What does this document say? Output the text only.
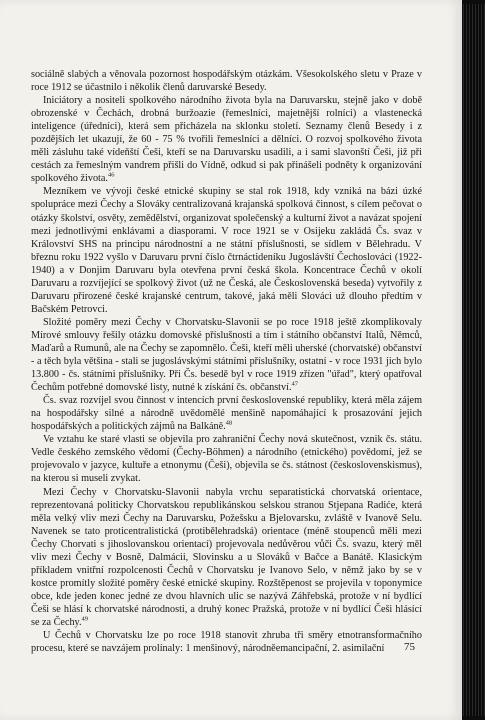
sociálně slabých a věnovala pozornost hospodářským otázkám. Všesokolského sletu v Praze v roce 1912 se účastnilo i několik členů daruvarské Besedy.

Iniciátory a nositeli spolkového národního života byla na Daruvarsku, stejně jako v době obrozenské v Čechách, drobná buržoazie (řemeslníci, majetnější rolníci) a vlastenecká inteligence (úředníci), která sem přicházela na sklonku století. Seznamy členů Besedy i z pozdějších let ukazují, že 60 - 75 % tvořili řemeslníci a dělníci. O rozvoj spolkového života měli zásluhu také vídeňští Češi, kteří se na Daruvarsku usadili, a i sami slavonští Češi, již při cestách za řemeslným vandrem přišli do Vídně, odkud si pak přinášeli podněty k organizování spolkového života.$^{46}$

Mezníkem ve vývoji české etnické skupiny se stal rok 1918, kdy vzniká na bázi úzké spolupráce mezi Čechy a Slováky centralizovaná krajanská spolková činnost, s cílem pečovat o otázky školství, osvěty, zemědělství, organizovat společenský a kulturní život a navázat spojení mezi jednotlivými enklávami a diasporami. V roce 1921 se v Osijeku zakládá Čs. svaz v Království SHS na principu národnostní a ne státní příslušnosti, se sídlem v Bělehradu. V březnu roku 1922 vyšlo v Daruvaru první číslo čtrnáctideníku Jugoslávští Čechoslováci (1922-1940) a v Donjim Daruvaru byla otevřena první česká škola. Koncentrace Čechů v okolí Daruvaru a rozvíjející se spolkový život (už ne Česká, ale Československá beseda) vytvořily z Daruvaru přirozené české krajanské centrum, takové, jaká měli Slováci už dlouho předtím v Bačském Petrovci.

Složité poměry mezi Čechy v Chorvatsku-Slavonii se po roce 1918 ještě zkomplikovaly Mírové smlouvy řešily otázku domovské příslušnosti a tím i státního občanství Italů, Němců, Maďarů a Rumunů, ale na Čechy se zapomnělo. Češi, kteří měli uherské (chorvatské) občanství - a těch byla většina - stali se jugoslávskými státními příslušníky, ostatní - v roce 1931 jich bylo 13.800 - čs. státními příslušníky. Při Čs. besedě byl v roce 1919 zřízen "úřad", který opatřoval Čechům potřebné domovské listy, nutné k získání čs. občanství.$^{47}$

Čs. svaz rozvíjel svou činnost v intencích první československé republiky, která měla zájem na hospodářsky silné a národně uvědomělé menšině napomáhající k prosazování jejich hospodářských a politických zájmů na Balkáně.$^{48}$

Ve vztahu ke staré vlasti se objevila pro zahraniční Čechy nová skutečnost, vznik čs. státu. Vedle českého zemského vědomí (Čechy-Böhmen) a národního (etnického) povědomí, jež se projevovalo v jazyce, kultuře a etnonymu (Češi), objevila se čs. státnost (československismus), na kterou si museli zvykat.

Mezi Čechy v Chorvatsku-Slavonii nabyla vrchu separatistická chorvatská orientace, reprezentovaná politicky Chorvatskou republikánskou selskou stranou Stjepana Radiće, která měla velký vliv mezi Čechy na Daruvarsku, Požešsku a Bjelovarsku, zvláště v Ivanově Selu. Navenek se tato proticentralistická (protibělehradská) orientace (méně stoupenců měli mezi Čechy Chorvati s jihoslovanskou orientací) projevovala nedůvěrou vůči Čs. svazu, který měl vliv mezi Čechy v Bosně, Dalmácii, Slovinsku a u Slováků v Bačce a Banátě. Klasickým příkladem vnitřní rozpolcenosti Čechů v Chorvatsku je Ivanovo Selo, v němž jako by se v kostce promítly složité poměry české etnické skupiny. Rozštěpenost se projevila v toponymice obce, kde jeden konec jedné ze dvou hlavních ulic se nazývá Záhřebská, protože v ní bydlící Češi se hlásí k chorvatské národnosti, a druhý konec Pražská, protože v ní bydlící Češi hlásící se za Čechy.$^{49}$

U Čechů v Chorvatsku lze po roce 1918 stanovit zhruba tři směry etnotransformačního procesu, které se navzájem prolínaly: 1 menšinový, národněemancipační, 2. asimilační	75
